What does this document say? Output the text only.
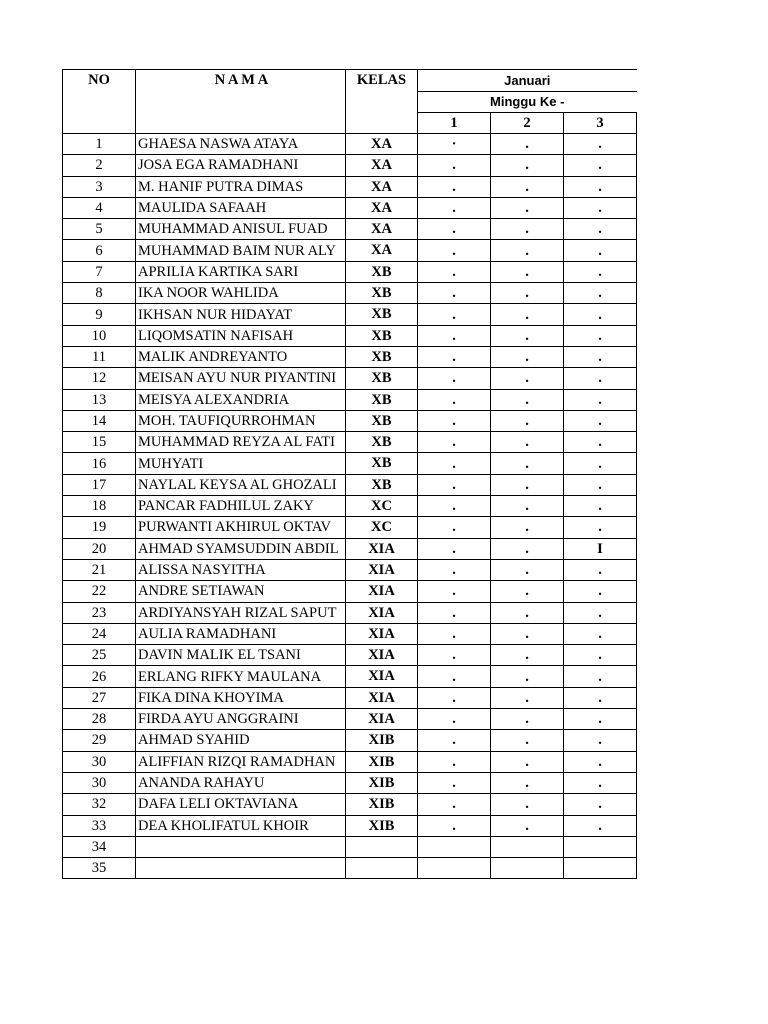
NO	N A M A	KELAS	Januari		
			Minggu Ke -		
			1	2	3
1	GHAESA NASWA ATAYA	XA	·	.	.
2	JOSA EGA RAMADHANI	XA	.	.	.
3	M. HANIF PUTRA DIMAS	XA	.	.	.
4	MAULIDA SAFAAH	XA	.	.	.
5	MUHAMMAD ANISUL FUAD	XA	.	.	.
6	MUHAMMAD BAIM NUR ALY	XA	.	.	.
7	APRILIA KARTIKA SARI	XB	.	.	.
8	IKA NOOR WAHLIDA	XB	.	.	.
9	IKHSAN NUR HIDAYAT	XB	.	.	.
10	LIQOMSATIN NAFISAH	XB	.	.	.
11	MALIK ANDREYANTO	XB	.	.	.
12	MEISAN AYU NUR PIYANTINI	XB	.	.	.
13	MEISYA ALEXANDRIA	XB	.	.	.
14	MOH. TAUFIQURROHMAN	XB	.	.	.
15	MUHAMMAD REYZA AL FATI	XB	.	.	.
16	MUHYATI	XB	.	.	.
17	NAYLAL KEYSA AL GHOZALI	XB	.	.	.
18	PANCAR FADHILUL ZAKY	XC	.	.	.
19	PURWANTI AKHIRUL OKTAV	XC	.	.	.
20	AHMAD SYAMSUDDIN ABDIL	XIA	.	.	I
21	ALISSA NASYITHA	XIA	.	.	.
22	ANDRE SETIAWAN	XIA	.	.	.
23	ARDIYANSYAH RIZAL SAPUT	XIA	.	.	.
24	AULIA RAMADHANI	XIA	.	.	.
25	DAVIN MALIK EL TSANI	XIA	.	.	.
26	ERLANG RIFKY MAULANA	XIA	.	.	.
27	FIKA DINA KHOYIMA	XIA	.	.	.
28	FIRDA AYU ANGGRAINI	XIA	.	.	.
29	AHMAD SYAHID	XIB	.	.	.
30	ALIFFIAN RIZQI RAMADHAN	XIB	.	.	.
30	ANANDA RAHAYU	XIB	.	.	.
32	DAFA LELI OKTAVIANA	XIB	.	.	.
33	DEA KHOLIFATUL KHOIR	XIB	.	.	.
34					
35					
